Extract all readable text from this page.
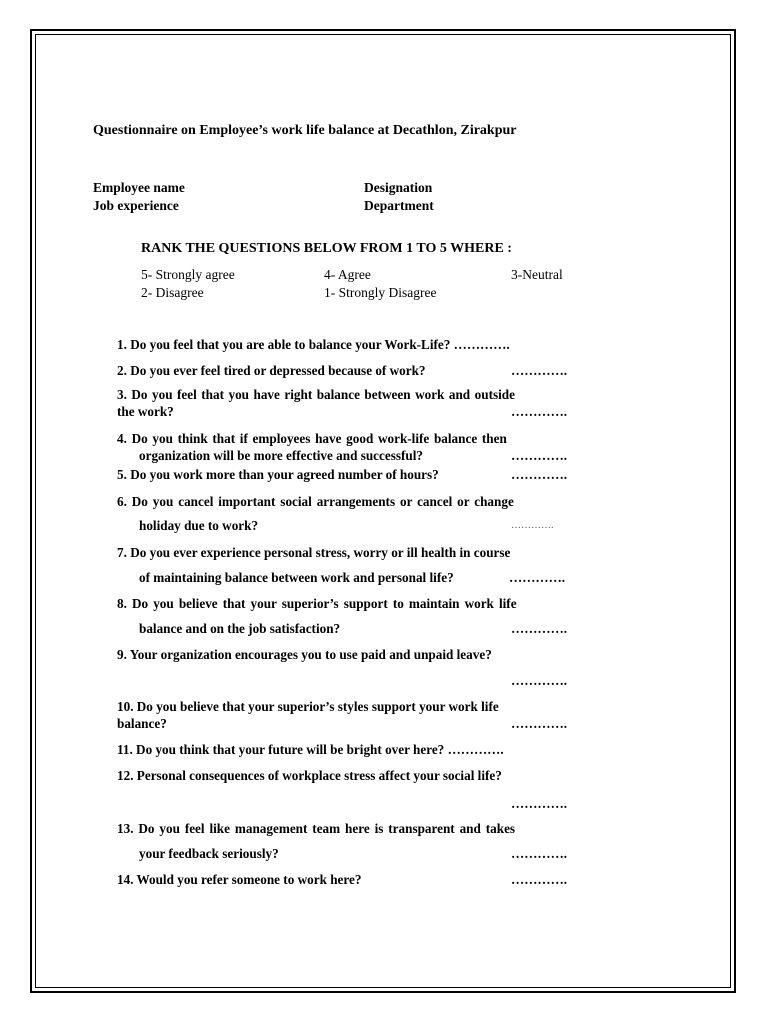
Questionnaire on Employee’s work life balance at Decathlon, Zirakpur
Employee name	Designation
Job experience	Department
RANK THE QUESTIONS BELOW FROM 1 TO 5 WHERE :
5- Strongly agree	4- Agree	3-Neutral
2- Disagree	1- Strongly Disagree
1. Do you feel that you are able to balance your Work-Life? ………….
2. Do you ever feel tired or depressed because of work?	………….
3. Do you feel that you have right balance between work and outside
the work?	………….
4. Do you think that if employees have good work-life balance then
organization will be more effective and successful?	………….
5. Do you work more than your agreed number of hours?	………….
6. Do you cancel important social arrangements or cancel or change
holiday due to work?	………….
7. Do you ever experience personal stress, worry or ill health in course
of maintaining balance between work and personal life?	………….
8. Do you believe that your superior’s support to maintain work life
balance and on the job satisfaction?	………….
9. Your organization encourages you to use paid and unpaid leave?
………….
10. Do you believe that your superior’s styles support your work life
balance?	………….
11. Do you think that your future will be bright over here? ………….
12. Personal consequences of workplace stress affect your social life?
………….
13. Do you feel like management team here is transparent and takes
your feedback seriously?	………….
14. Would you refer someone to work here?	………….
